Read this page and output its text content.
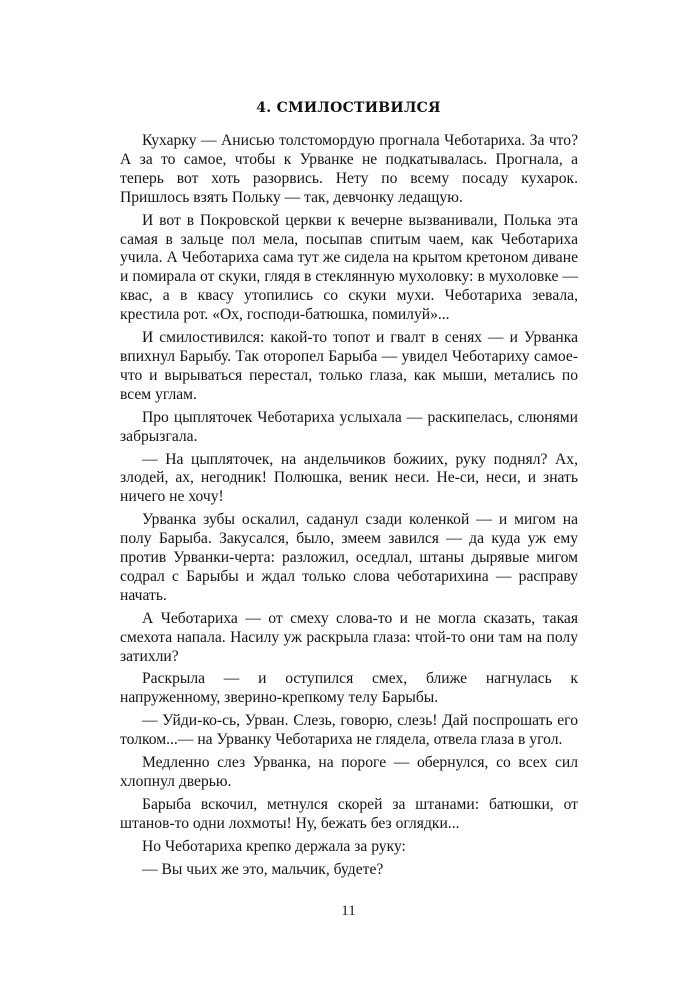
4. СМИЛОСТИВИЛСЯ

Кухарку — Анисью толстомордую прогнала Чеботариха. За что? А за то самое, чтобы к Урванке не подкатывалась. Прогнала, а теперь вот хоть разорвись. Нету по всему посаду кухарок. Пришлось взять Польку — так, девчонку ледащую.

И вот в Покровской церкви к вечерне вызванивали, Полька эта самая в зальце пол мела, посыпав спитым чаем, как Чеботариха учила. А Чеботариха сама тут же сидела на крытом кретоном диване и помирала от скуки, глядя в стеклянную мухоловку: в мухоловке — квас, а в квасу утопились со скуки мухи. Чеботариха зевала, крестила рот. «Ох, господи-батюшка, помилуй»...

И смилостивился: какой-то топот и гвалт в сенях — и Урванка впихнул Барыбу. Так оторопел Барыба — увидел Чеботариху самое-что и вырываться перестал, только глаза, как мыши, метались по всем углам.

Про цыпляточек Чеботариха услыхала — раскипелась, слюнями забрызгала.

— На цыпляточек, на андельчиков божиих, руку поднял? Ах, злодей, ах, негодник! Полюшка, веник неси. Не-си, неси, и знать ничего не хочу!

Урванка зубы оскалил, саданул сзади коленкой — и мигом на полу Барыба. Закусался, было, змеем завился — да куда уж ему против Урванки-черта: разложил, оседлал, штаны дырявые мигом содрал с Барыбы и ждал только слова чеботарихина — расправу начать.

А Чеботариха — от смеху слова-то и не могла сказать, такая смехота напала. Насилу уж раскрыла глаза: чтой-то они там на полу затихли?

Раскрыла — и оступился смех, ближе нагнулась к напруженному, зверино-крепкому телу Барыбы.

— Уйди-ко-сь, Урван. Слезь, говорю, слезь! Дай поспрошать его толком...— на Урванку Чеботариха не глядела, отвела глаза в угол.

Медленно слез Урванка, на пороге — обернулся, со всех сил хлопнул дверью.

Барыба вскочил, метнулся скорей за штанами: батюшки, от штанов-то одни лохмоты! Ну, бежать без оглядки...

Но Чеботариха крепко держала за руку:

— Вы чьих же это, мальчик, будете?

11
